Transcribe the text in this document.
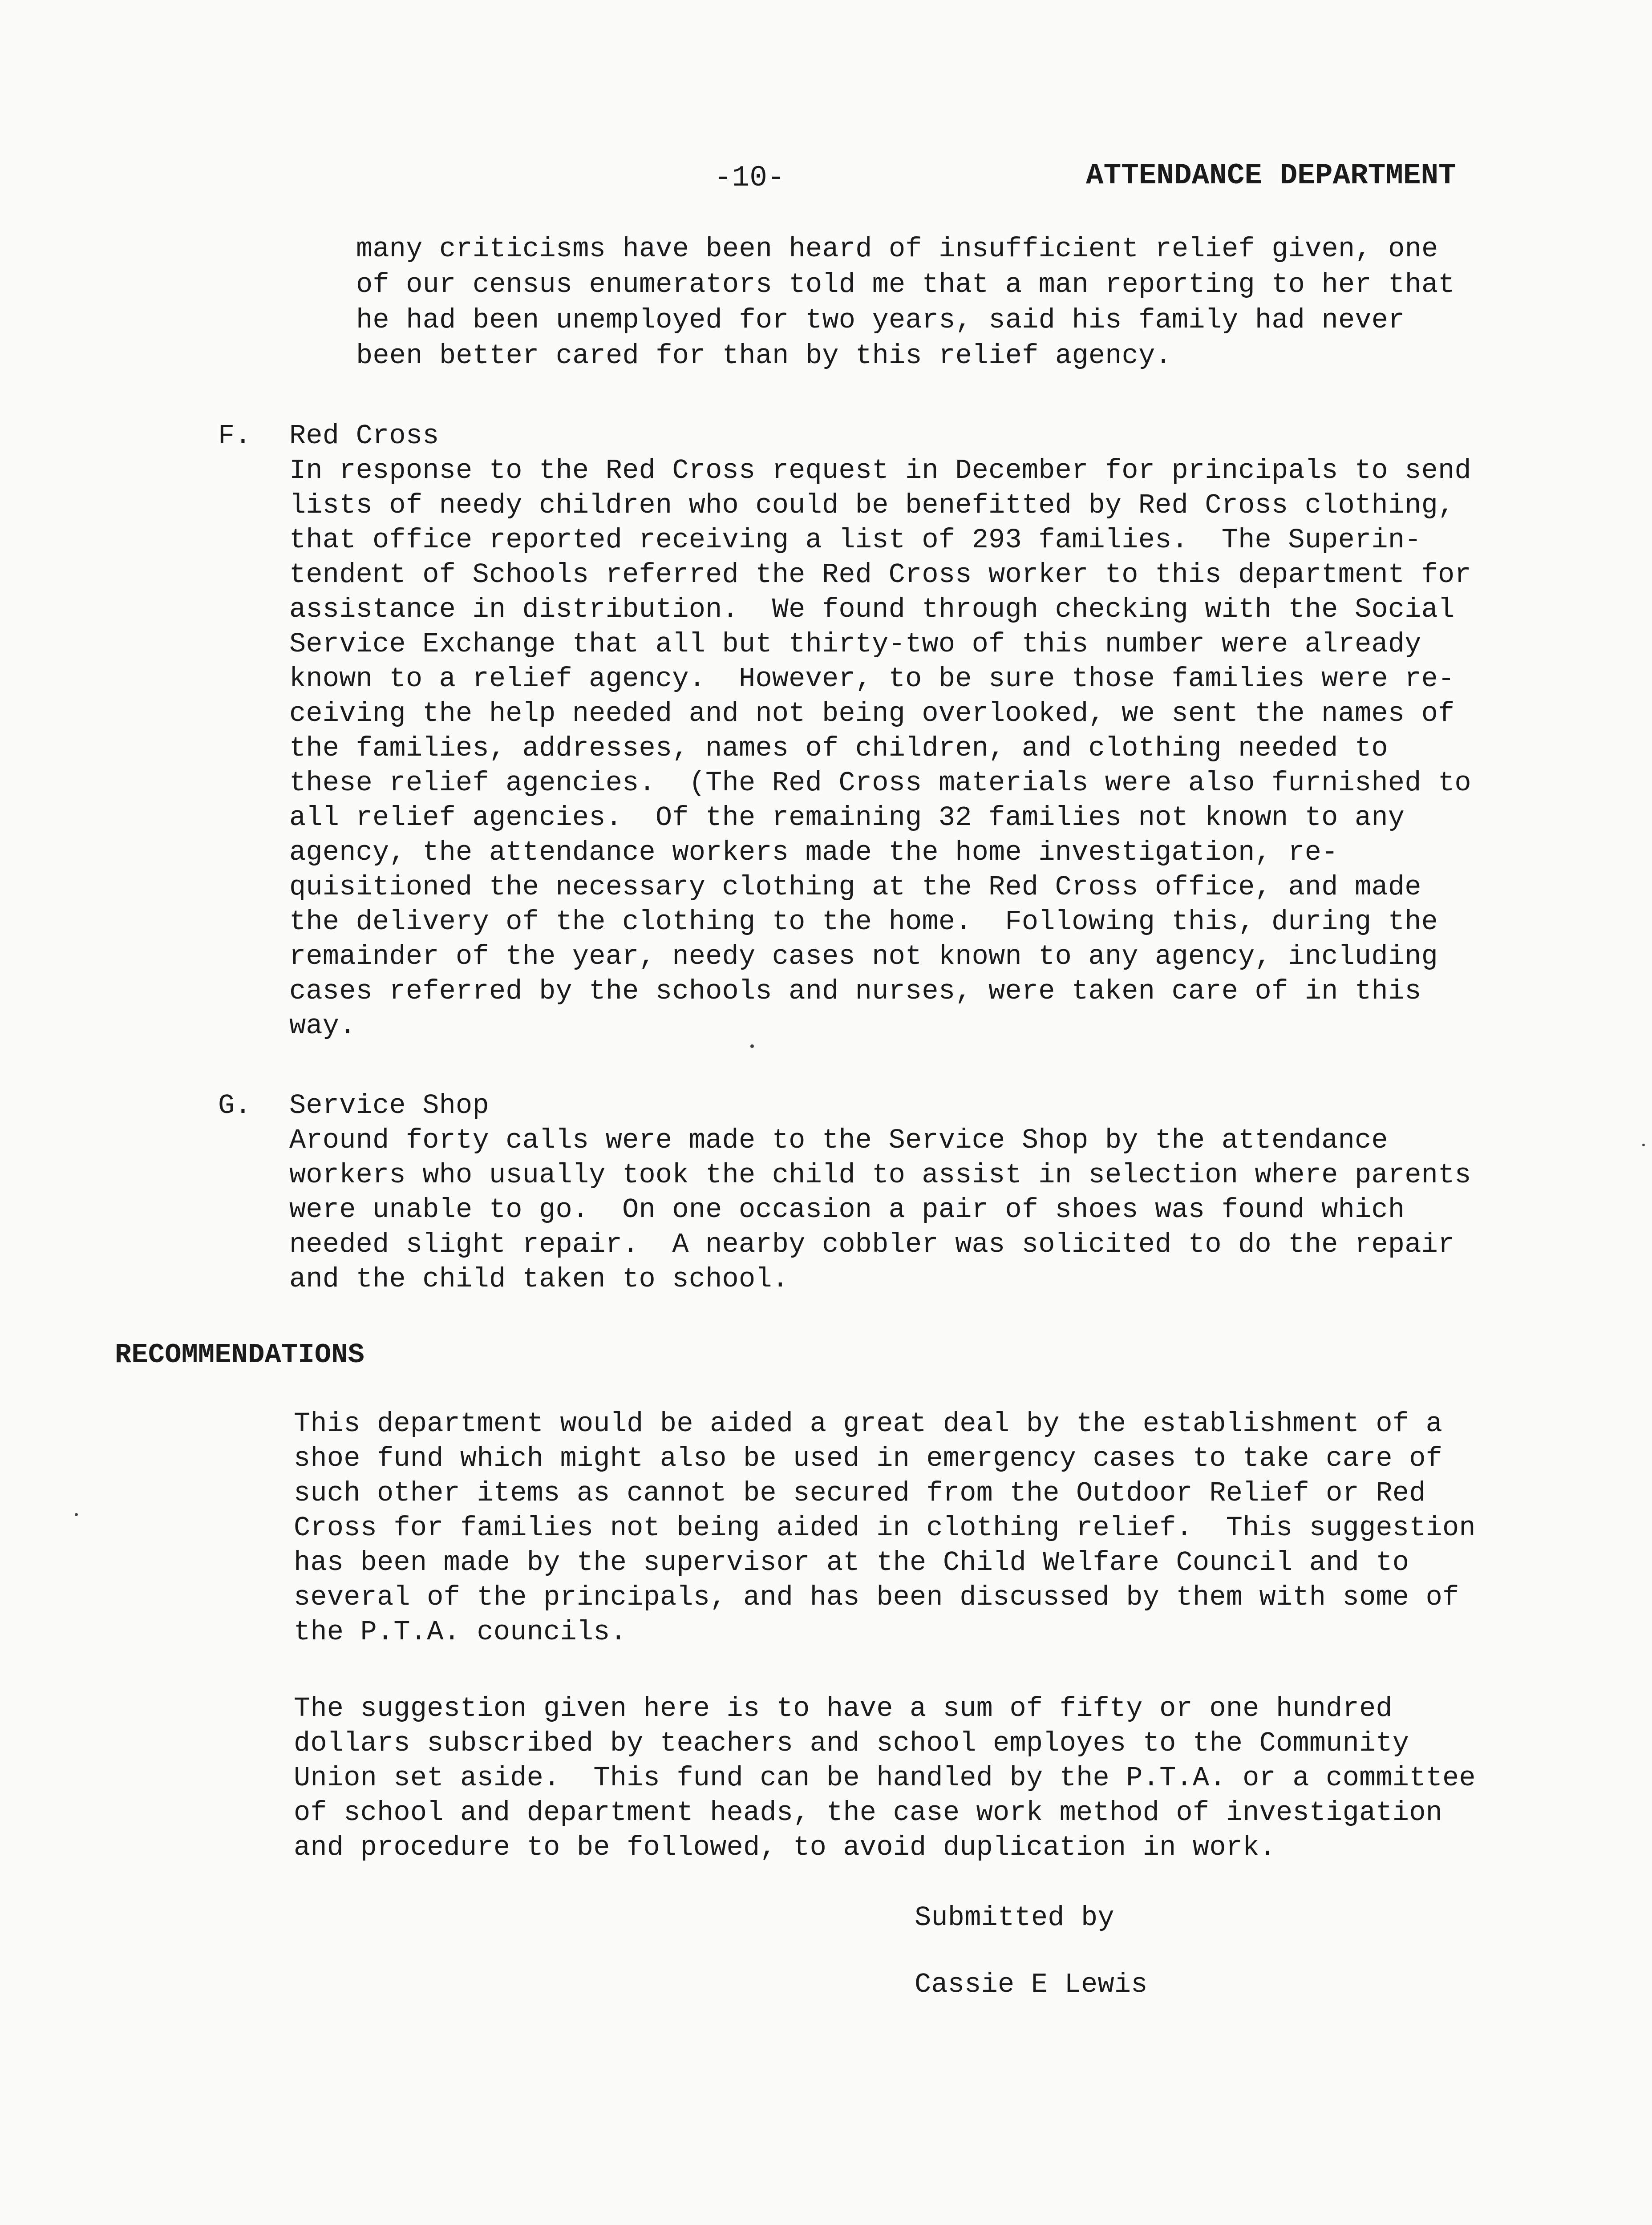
-10-	ATTENDANCE DEPARTMENT
many criticisms have been heard of insufficient relief given, one
of our census enumerators told me that a man reporting to her that
he had been unemployed for two years, said his family had never
been better cared for than by this relief agency.
F. Red Cross
In response to the Red Cross request in December for principals to send
lists of needy children who could be benefitted by Red Cross clothing,
that office reported receiving a list of 293 families.  The Superin-
tendent of Schools referred the Red Cross worker to this department for
assistance in distribution.  We found through checking with the Social
Service Exchange that all but thirty-two of this number were already
known to a relief agency.  However, to be sure those families were re-
ceiving the help needed and not being overlooked, we sent the names of
the families, addresses, names of children, and clothing needed to
these relief agencies.  (The Red Cross materials were also furnished to
all relief agencies.  Of the remaining 32 families not known to any
agency, the attendance workers made the home investigation, re-
quisitioned the necessary clothing at the Red Cross office, and made
the delivery of the clothing to the home.  Following this, during the
remainder of the year, needy cases not known to any agency, including
cases referred by the schools and nurses, were taken care of in this
way.
G. Service Shop
Around forty calls were made to the Service Shop by the attendance
workers who usually took the child to assist in selection where parents
were unable to go.  On one occasion a pair of shoes was found which
needed slight repair.  A nearby cobbler was solicited to do the repair
and the child taken to school.
RECOMMENDATIONS
This department would be aided a great deal by the establishment of a
shoe fund which might also be used in emergency cases to take care of
such other items as cannot be secured from the Outdoor Relief or Red
Cross for families not being aided in clothing relief.  This suggestion
has been made by the supervisor at the Child Welfare Council and to
several of the principals, and has been discussed by them with some of
the P.T.A. councils.
The suggestion given here is to have a sum of fifty or one hundred
dollars subscribed by teachers and school employes to the Community
Union set aside.  This fund can be handled by the P.T.A. or a committee
of school and department heads, the case work method of investigation
and procedure to be followed, to avoid duplication in work.
Submitted by
Cassie E Lewis
